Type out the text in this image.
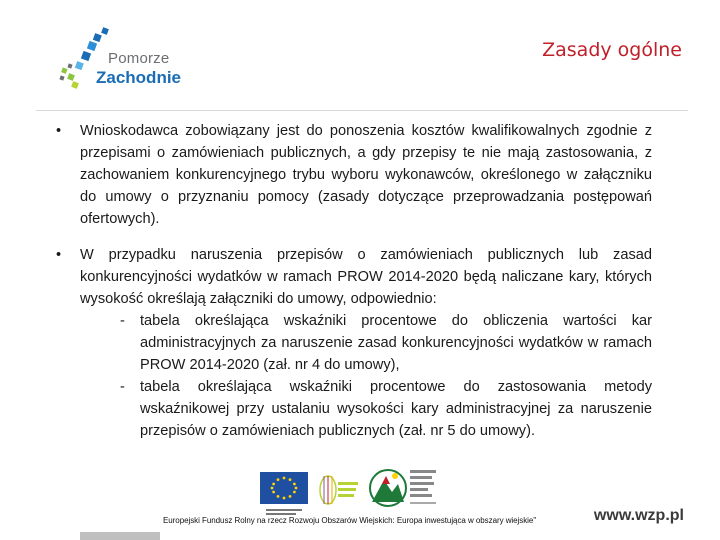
Pomorze
Zachodnie
Zasady ogólne
• Wnioskodawca zobowiązany jest do ponoszenia kosztów kwalifikowalnych zgodnie z przepisami o zamówieniach publicznych, a gdy przepisy te nie mają zastosowania, z zachowaniem konkurencyjnego trybu wyboru wykonawców, określonego w załączniku do umowy o przyznaniu pomocy (zasady dotyczące przeprowadzania postępowań ofertowych).
• W przypadku naruszenia przepisów o zamówieniach publicznych lub zasad konkurencyjności wydatków w ramach PROW 2014-2020 będą naliczane kary, których wysokość określają załączniki do umowy, odpowiednio:
- tabela określająca wskaźniki procentowe do obliczenia wartości kar administracyjnych za naruszenie zasad konkurencyjności wydatków w ramach PROW 2014-2020 (zał. nr 4 do umowy),
- tabela określająca wskaźniki procentowe do zastosowania metody wskaźnikowej przy ustalaniu wysokości kary administracyjnej za naruszenie przepisów o zamówieniach publicznych (zał. nr 5 do umowy).
Europejski Fundusz Rolny na rzecz Rozwoju Obszarów Wiejskich: Europa inwestująca w obszary wiejskie"	www.wzp.pl
